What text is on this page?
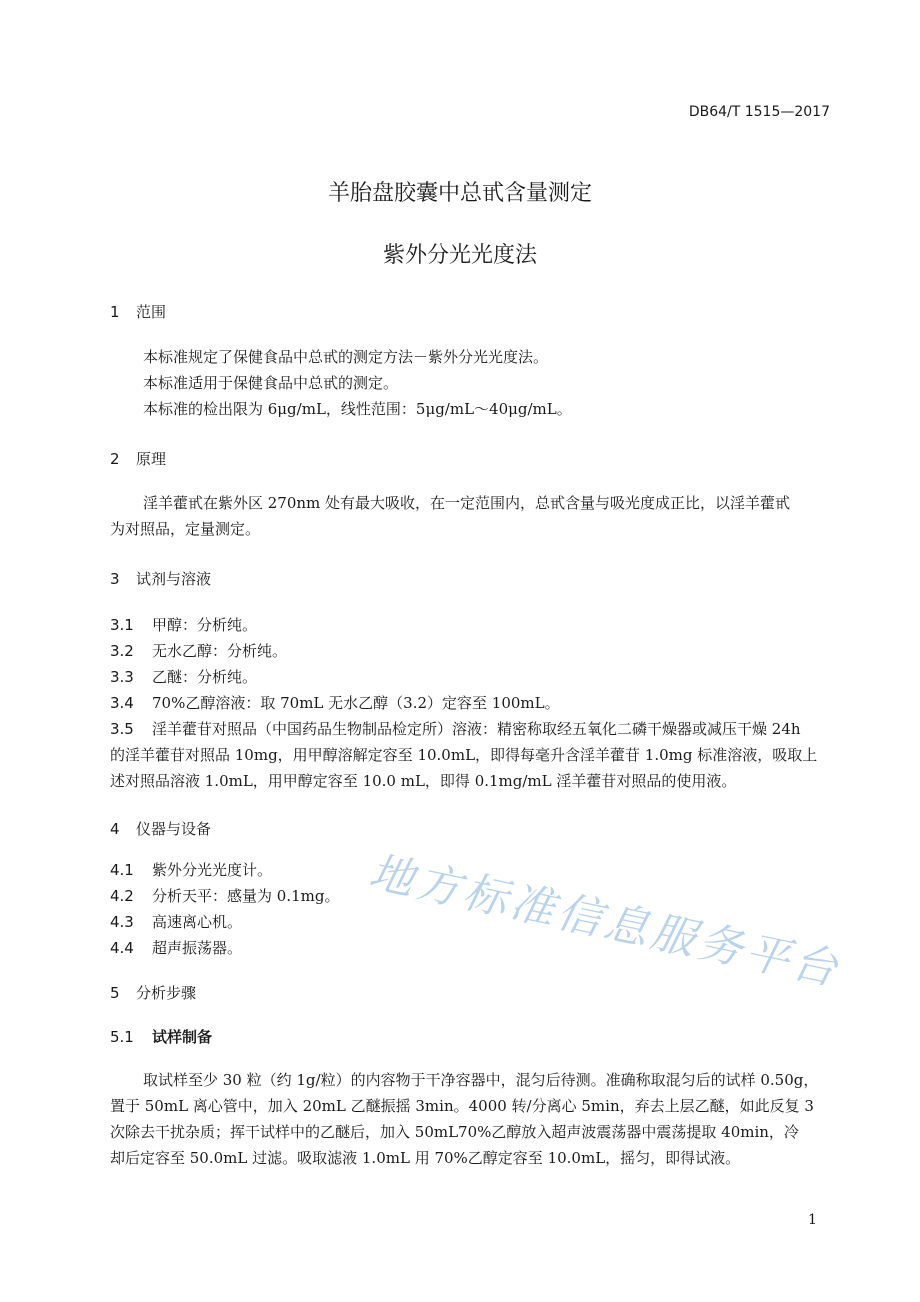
DB64/T 1515—2017
羊胎盘胶囊中总甙含量测定
紫外分光光度法
1 范围
本标准规定了保健食品中总甙的测定方法－紫外分光光度法。
本标准适用于保健食品中总甙的测定。
本标准的检出限为 6μg/mL，线性范围：5μg/mL～40μg/mL。
2 原理
淫羊藿甙在紫外区 270nm 处有最大吸收，在一定范围内，总甙含量与吸光度成正比，以淫羊藿甙
为对照品，定量测定。
3 试剂与溶液
3.1 甲醇：分析纯。
3.2 无水乙醇：分析纯。
3.3 乙醚：分析纯。
3.4 70%乙醇溶液：取 70mL 无水乙醇（3.2）定容至 100mL。
3.5 淫羊藿苷对照品（中国药品生物制品检定所）溶液：精密称取经五氧化二磷干燥器或减压干燥 24h
的淫羊藿苷对照品 10mg，用甲醇溶解定容至 10.0mL，即得每毫升含淫羊藿苷 1.0mg 标准溶液，吸取上
述对照品溶液 1.0mL，用甲醇定容至 10.0 mL，即得 0.1mg/mL 淫羊藿苷对照品的使用液。
4 仪器与设备
4.1 紫外分光光度计。
4.2 分析天平：感量为 0.1mg。
4.3 高速离心机。
4.4 超声振荡器。
5 分析步骤
5.1 试样制备
取试样至少 30 粒（约 1g/粒）的内容物于干净容器中，混匀后待测。准确称取混匀后的试样 0.50g，
置于 50mL 离心管中，加入 20mL 乙醚振摇 3min。4000 转/分离心 5min，弃去上层乙醚，如此反复 3
次除去干扰杂质；挥干试样中的乙醚后，加入 50mL70%乙醇放入超声波震荡器中震荡提取 40min，冷
却后定容至 50.0mL 过滤。吸取滤液 1.0mL 用 70%乙醇定容至 10.0mL，摇匀，即得试液。
地方标准信息服务平台
1
